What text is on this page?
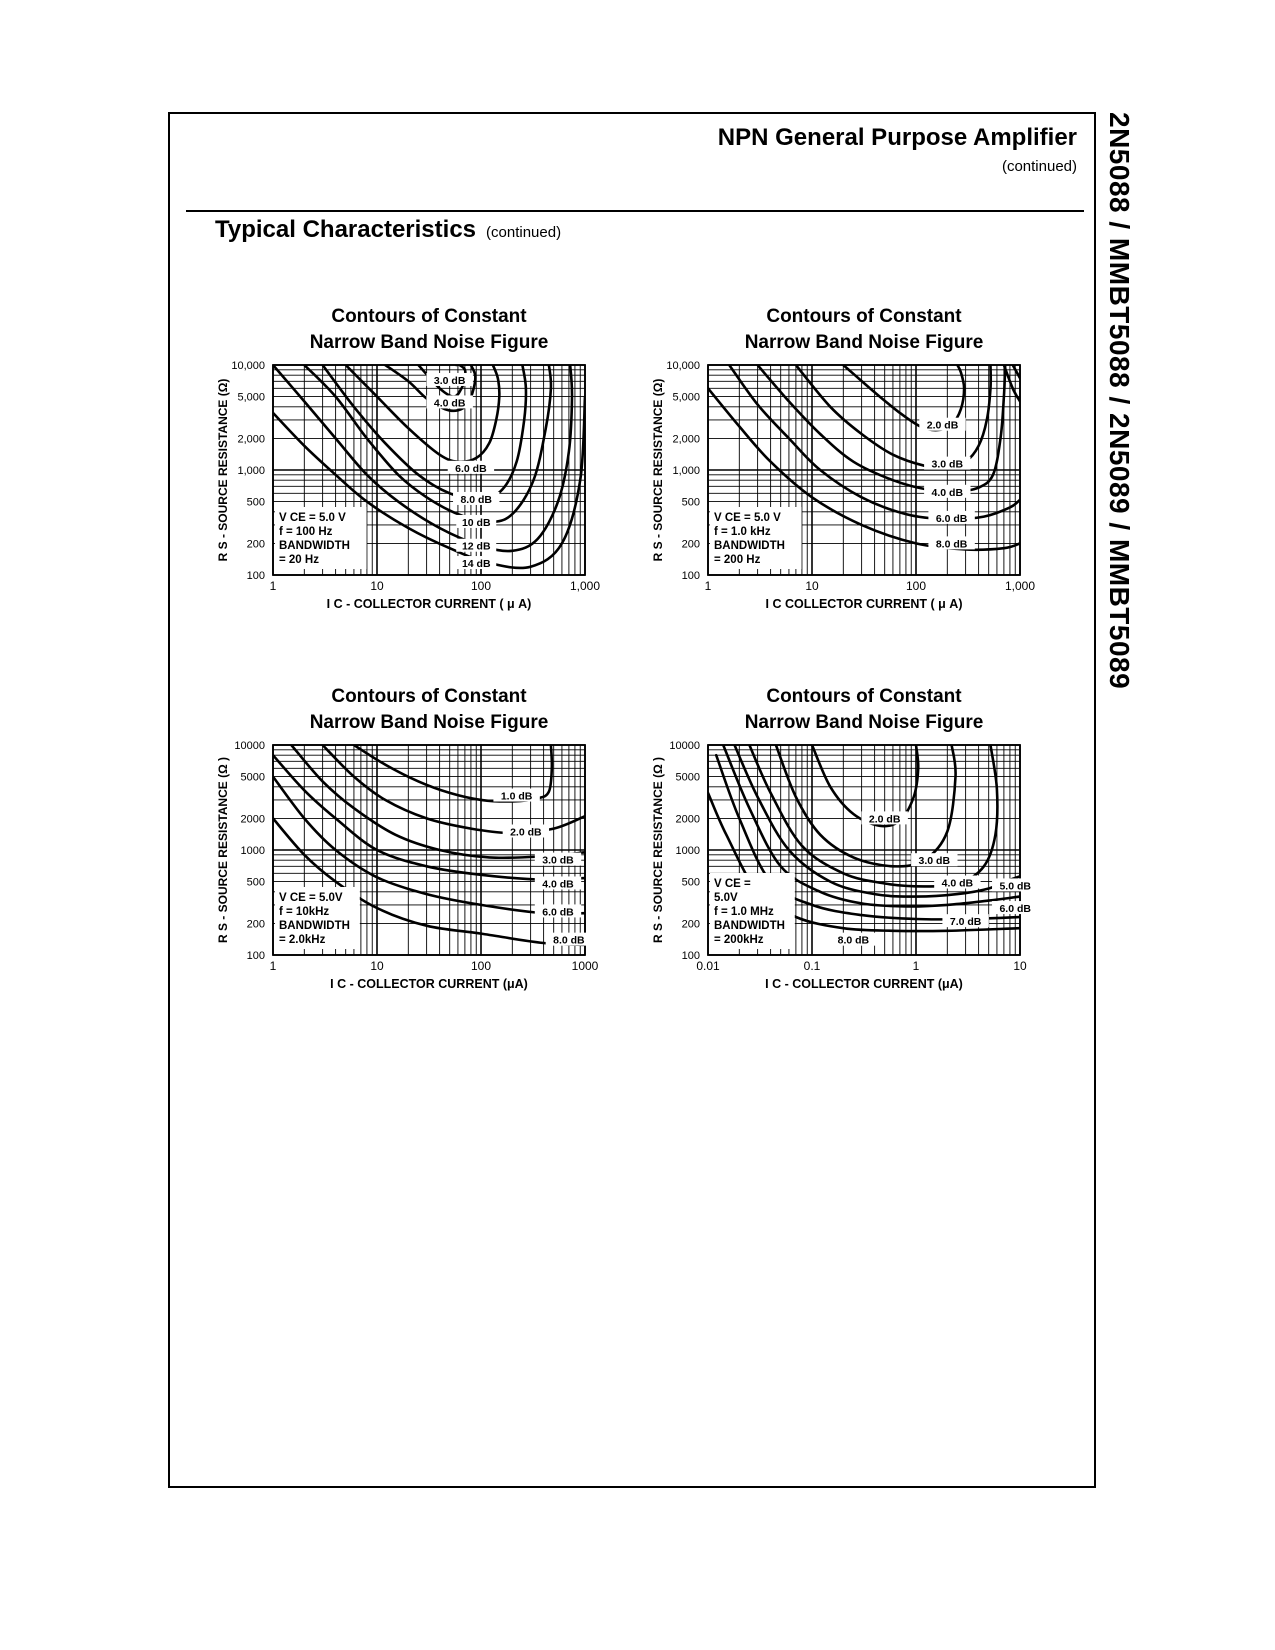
NPN General Purpose Amplifier
(continued)
Typical Characteristics (continued)	2N5088 / MMBT5088 / 2N5089 / MMBT5089
Contours of Constant
Narrow Band Noise Figure
100
200
500
1,000
2,000
5,000
10,000
1	10	100	1,000
I C - COLLECTOR CURRENT ( μ A)
R S - SOURCE RESISTANCE (Ω)	3.0 dB
4.0 dB
6.0 dB
8.0 dB
10 dB
12 dB
14 dB
V CE = 5.0 V
f = 100 Hz
BANDWIDTH
= 20 Hz
Contours of Constant
Narrow Band Noise Figure
100
200
500
1,000
2,000
5,000
10,000
1	10	100	1,000
I C COLLECTOR CURRENT ( μ A)
R S - SOURCE RESISTANCE (Ω)	2.0 dB
3.0 dB
4.0 dB
6.0 dB
8.0 dB
V CE = 5.0 V
f = 1.0 kHz
BANDWIDTH
= 200 Hz
Contours of Constant
Narrow Band Noise Figure
100
200
500
1000
2000
5000
10000
1	10	100	1000
I C - COLLECTOR CURRENT (μA)
R S - SOURCE RESISTANCE (Ω )	1.0 dB
2.0 dB
3.0 dB
4.0 dB
6.0 dB
8.0 dB
V CE = 5.0V
f = 10kHz
BANDWIDTH
= 2.0kHz
Contours of Constant
Narrow Band Noise Figure
100
200
500
1000
2000
5000
10000
0.01	0.1	1	10
I C - COLLECTOR CURRENT (μA)
R S - SOURCE RESISTANCE (Ω )	2.0 dB
3.0 dB
4.0 dB	5.0 dB
6.0 dB
7.0 dB
8.0 dB
V CE =
5.0V
f = 1.0 MHz
BANDWIDTH
= 200kHz
